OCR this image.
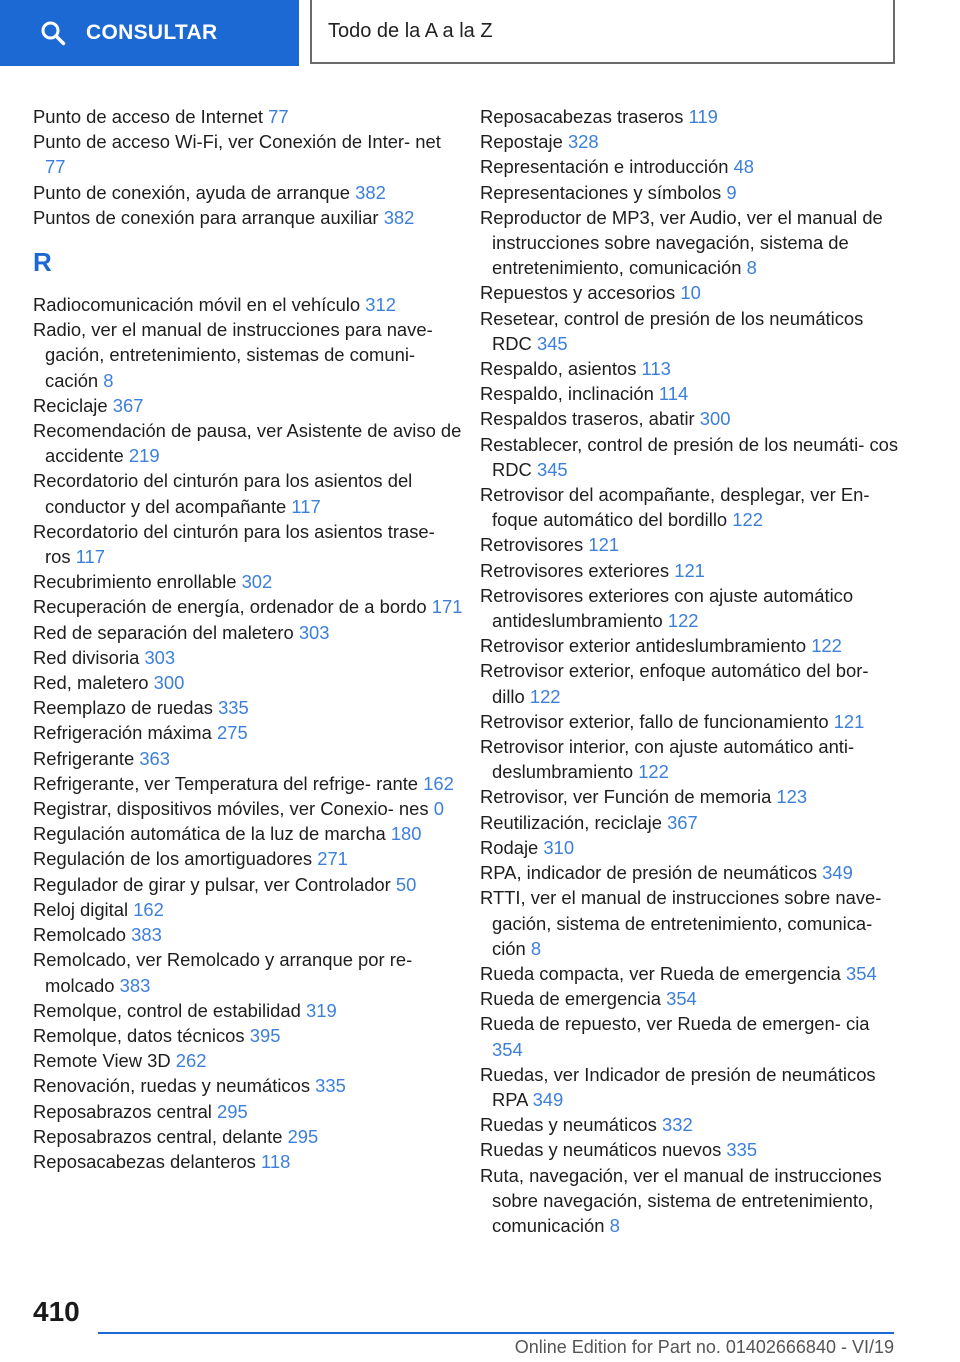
CONSULTAR	Todo de la A a la Z
Punto de acceso de Internet 77
Punto de acceso Wi-Fi, ver Conexión de Inter‐ net 77
Punto de conexión, ayuda de arranque 382
Puntos de conexión para arranque auxiliar 382
R
Radiocomunicación móvil en el vehículo 312
Radio, ver el manual de instrucciones para nave‐ gación, entretenimiento, sistemas de comuni‐ cación 8
Reciclaje 367
Recomendación de pausa, ver Asistente de aviso de accidente 219
Recordatorio del cinturón para los asientos del conductor y del acompañante 117
Recordatorio del cinturón para los asientos trase‐ ros 117
Recubrimiento enrollable 302
Recuperación de energía, ordenador de a bordo 171
Red de separación del maletero 303
Red divisoria 303
Red, maletero 300
Reemplazo de ruedas 335
Refrigeración máxima 275
Refrigerante 363
Refrigerante, ver Temperatura del refrige‐ rante 162
Registrar, dispositivos móviles, ver Conexio‐ nes 0
Regulación automática de la luz de marcha 180
Regulación de los amortiguadores 271
Regulador de girar y pulsar, ver Controlador 50
Reloj digital 162
Remolcado 383
Remolcado, ver Remolcado y arranque por re‐ molcado 383
Remolque, control de estabilidad 319
Remolque, datos técnicos 395
Remote View 3D 262
Renovación, ruedas y neumáticos 335
Reposabrazos central 295
Reposabrazos central, delante 295
Reposacabezas delanteros 118
Reposacabezas traseros 119
Repostaje 328
Representación e introducción 48
Representaciones y símbolos 9
Reproductor de MP3, ver Audio, ver el manual de instrucciones sobre navegación, sistema de entretenimiento, comunicación 8
Repuestos y accesorios 10
Resetear, control de presión de los neumáticos RDC 345
Respaldo, asientos 113
Respaldo, inclinación 114
Respaldos traseros, abatir 300
Restablecer, control de presión de los neumáti‐ cos RDC 345
Retrovisor del acompañante, desplegar, ver En‐ foque automático del bordillo 122
Retrovisores 121
Retrovisores exteriores 121
Retrovisores exteriores con ajuste automático antideslumbramiento 122
Retrovisor exterior antideslumbramiento 122
Retrovisor exterior, enfoque automático del bor‐ dillo 122
Retrovisor exterior, fallo de funcionamiento 121
Retrovisor interior, con ajuste automático anti‐ deslumbramiento 122
Retrovisor, ver Función de memoria 123
Reutilización, reciclaje 367
Rodaje 310
RPA, indicador de presión de neumáticos 349
RTTI, ver el manual de instrucciones sobre nave‐ gación, sistema de entretenimiento, comunica‐ ción 8
Rueda compacta, ver Rueda de emergencia 354
Rueda de emergencia 354
Rueda de repuesto, ver Rueda de emergen‐ cia 354
Ruedas, ver Indicador de presión de neumáticos RPA 349
Ruedas y neumáticos 332
Ruedas y neumáticos nuevos 335
Ruta, navegación, ver el manual de instrucciones sobre navegación, sistema de entretenimiento, comunicación 8
410
Online Edition for Part no. 01402666840 - VI/19
